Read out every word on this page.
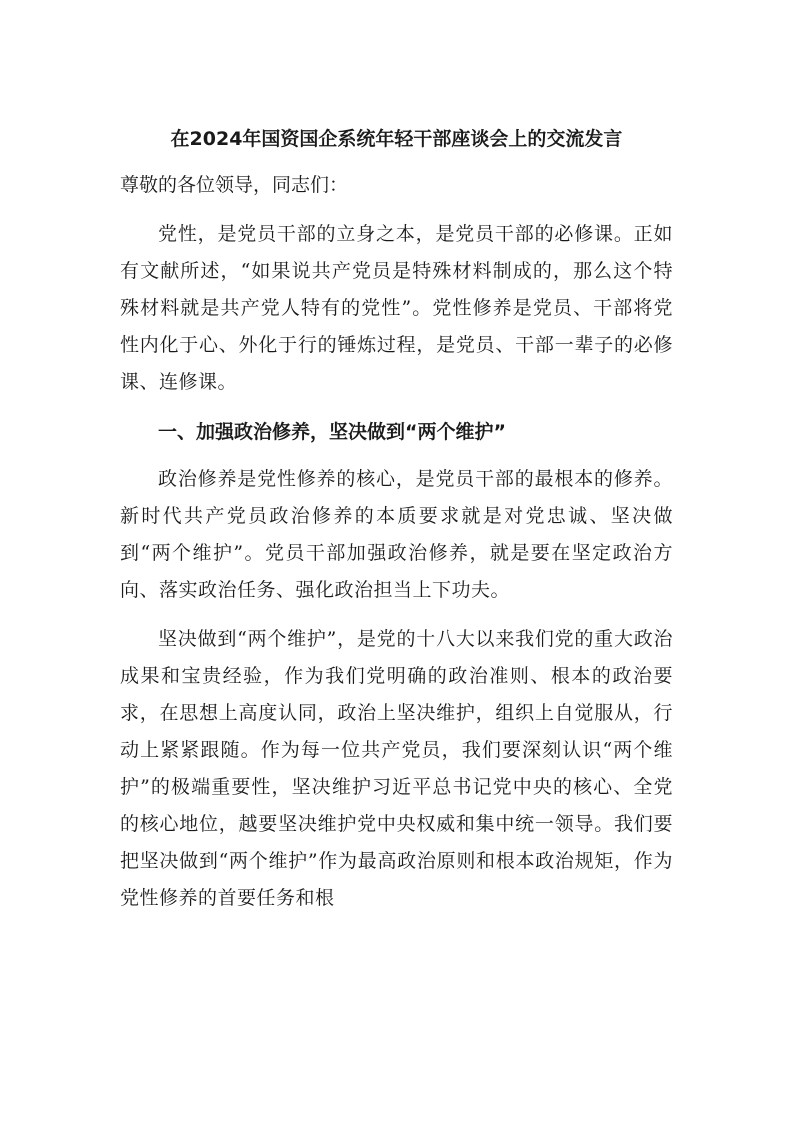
在2024年国资国企系统年轻干部座谈会上的交流发言
尊敬的各位领导，同志们：

党性，是党员干部的立身之本，是党员干部的必修课。正如有文献所述，“如果说共产党员是特殊材料制成的，那么这个特殊材料就是共产党人特有的党性”。党性修养是党员、干部将党性内化于心、外化于行的锤炼过程，是党员、干部一辈子的必修课、连修课。

一、加强政治修养，坚决做到“两个维护”

政治修养是党性修养的核心，是党员干部的最根本的修养。新时代共产党员政治修养的本质要求就是对党忠诚、坚决做到“两个维护”。党员干部加强政治修养，就是要在坚定政治方向、落实政治任务、强化政治担当上下功夫。

坚决做到“两个维护”，是党的十八大以来我们党的重大政治成果和宝贵经验，作为我们党明确的政治准则、根本的政治要求，在思想上高度认同，政治上坚决维护，组织上自觉服从，行动上紧紧跟随。作为每一位共产党员，我们要深刻认识“两个维护”的极端重要性，坚决维护习近平总书记党中央的核心、全党的核心地位，越要坚决维护党中央权威和集中统一领导。我们要把坚决做到“两个维护”作为最高政治原则和根本政治规矩，作为党性修养的首要任务和根
